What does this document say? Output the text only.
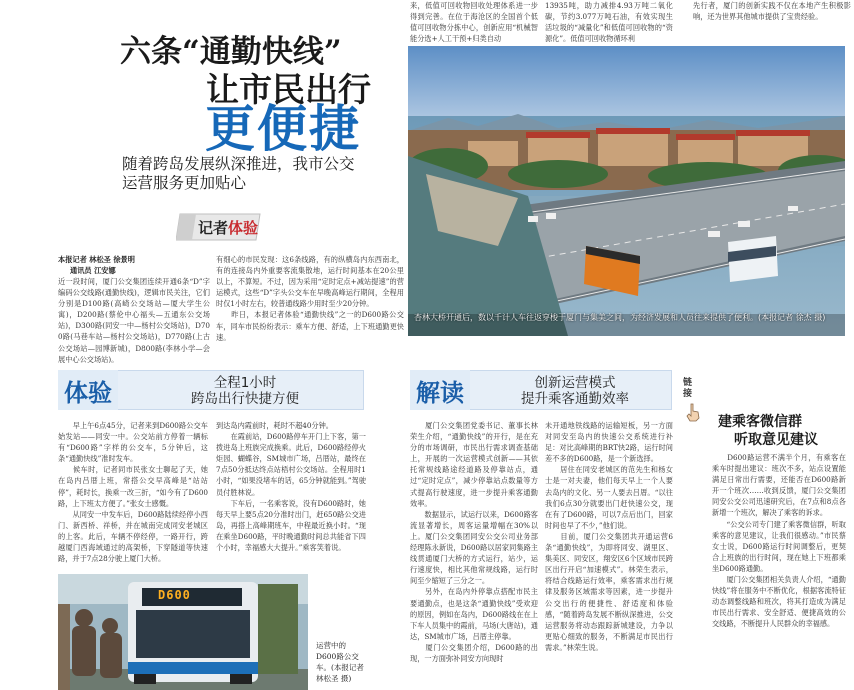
来，低值可回收物回收处理体系进一步得到完善。在位于海沧区的全国首个低值可回收物分拣中心，创新应用“机械智能分选+人工干预+归类自动
13935吨，助力减排4.93万吨二氧化碳，节约3.077万吨石油，有效实现生活垃圾的“减量化”和低值可回收物的“资源化”。低值可回收物循环利
先行者，厦门的创新实践不仅在本地产生积极影响，还为世界其他城市提供了宝贵经验。
六条“通勤快线”
让市民出行
更便捷
随着跨岛发展纵深推进，我市公交
运营服务更加贴心
记者 体验
本报记者 林松圣 徐景明
通讯员 江安娜
近一段时间，厦门公交集团连续开通6条“D”字编码公交线路(通勤快线)，逻辑市民关注，它们分别是D100路(高崎公交场站—厦大学生公寓)，D200路(蔡伦中心福头—五通东公交场站)，D300路(同安一中—杨村公交场站)，D700路(马巷车站—杨村公交场站)，D770路(上古公交场站—园博新城)，D800路(李林小学—会展中心公交场站)。
有细心的市民发现：这6条线路，有的纵横岛内东西南北，有的连接岛内外重要客流集散地，运行时间基本在20公里以上，不算短。不过，因为采用“定时定点+减站提速”的营运模式，这些“D”字头公交车在早晚高峰运行期间，全程用时仅1小时左右，较普通线路少用时至少20分钟。
　　昨日，本报记者体验“通勤快线”之一的D600路公交车，同车市民纷纷表示：乘车方便、舒适，上下班通勤更快速。
杏林大桥开通后，数以千计人车往返穿梭于厦门与集美之间，为经济发展和人员往来提供了便利。(本报记者 徐杰 摄)
体验	全程1小时
跨岛出行快捷方便	解读	创新运营模式
提升乘客通勤效率
　　早上午6点45分，记者来到D600路公交车始发站——同安一中。公交站前方停着一辆标有“D600路”字样的公交车，5分钟后，这条“通勤快线”准时发车。
　　候车时，记者同市民张女士聊起了天，她在岛内吕厝上班，常搭公交早高峰是“站站停”，耗时长，换乘一改三折，“如今有了D600路，上下班太方便了。”张女士感慨。
　　从同安一中发车后，D600路陆续经停小西门、新西桥、祥桥，并在城南完成同安老城区的上客。此后，车辆不停经停，一路开行，跨越厦门西海域通过的高架桥，下穿隧道等快速路，并于7点28分驶上厦门大桥。
到达岛内霞前时，耗时不超40分钟。
　　在霞前站，D600路停车开门上下客，第一拨进岛上班族完成换乘。此后，D600路经停火炬园、蝴蝶谷，SM城市广场，吕厝站，最终在7点50分抵达终点站梧村公交场站。全程用时1小时，“如果没堵车的话，65分钟就能到。”驾驶员付胜林说。
　　下车后，一名乘客说，没有D600路时，她每天早上要5点20分准时出门，赶650路公交进岛，再搭上高峰期班车，中程最近换小时。“现在乘坐D600路，平时晚通勤时间总共能省下四个小时，幸福感大大提升。”乘客笑着说。
D600
运营中的
D600路公交
车。(本报记者
林松圣 摄)
　　厦门公交集团党委书记、董事长林荣生介绍，“通勤快线”的开行，是在充分的市场调研，市民出行需求调查基础上，开展的一次运营模式创新——其依托常规线路途经道路及停靠站点，通过“定时定点”，减少停靠站点数量等方式提高行驶速度，进一步提升乘客通勤效率。
　　数据显示，试运行以来，D600路客流显著增长，周客运量增幅在30%以上。厦门公交集团同安公交公司业务部经理陈永新说，D600路以居家同集路主线贯通厦门大桥的方式运行，站少，运行速度快，相比其他常规线路，运行时间至少缩短了三分之一。
　　另外，在岛内外停靠点搭配市民主要通勤点，也是这条“通勤快线”受欢迎的原因，例如在岛内，D600路线在在上下车人员集中的霞前，马场(大唐站)，通达，SM城市广场，吕厝主停靠。
　　厦门公交集团介绍，D600路的出现，一方面弥补同安方向现时
未开通地铁线路的运输短板，另一方面对同安至岛内的快速公交系统进行补足：对比高峰期的BRT快2路，运行时间差不多的D600路，是一个新选择。
　　居住在同安老城区的范先生和杨女士是一对夫妻，他们每天早上一个人要去岛内的文化、另一人要去吕厝。“以往我们6点30分就要出门赶快速公交，现在有了D600路，可以7点后出门，回家时间也早了不少，”他们说。
　　目前，厦门公交集团共开通运营6条“通勤快线”，为即将同安、湖里区、集美区、同安区，翔安区6个区域市民跨区出行开启“加速模式”。林荣生表示，将结合线路运行效率，乘客需求出行规律及服务区域需求等因素，进一步提升公交出行的便捷性、舒适度和体验感，“随着跨岛发展不断纵深推进，公交运营服务将动态跟踪新城建设，力争以更贴心细致的服务，不断满足市民出行需求。”林荣生说。
链接
建乘客微信群
听取意见建议
　　D600路运营不满半个月，有乘客在乘车时提出建议：班次不多，站点设置能满足日常出行需要，还能否在D600路新开一个班次……收到反馈，厦门公交集团同安公交公司迅速研究后，在7点和8点各新增一个班次，解决了乘客的诉求。
　　“公交公司专门建了乘客微信群，听取乘客的意见建议，让我们很感动。”市民蔡女士说，D600路运行时间调整后，更契合上班族的出行时间，现在她上下班都乘坐D600路通勤。
　　厦门公交集团相关负责人介绍，“通勤快线”将在服务中不断优化，根据客流特征动态调整线路和班次，将其打造成为满足市民出行需求、安全舒适、便捷高效的公交线路，不断提升人民群众的幸福感。
